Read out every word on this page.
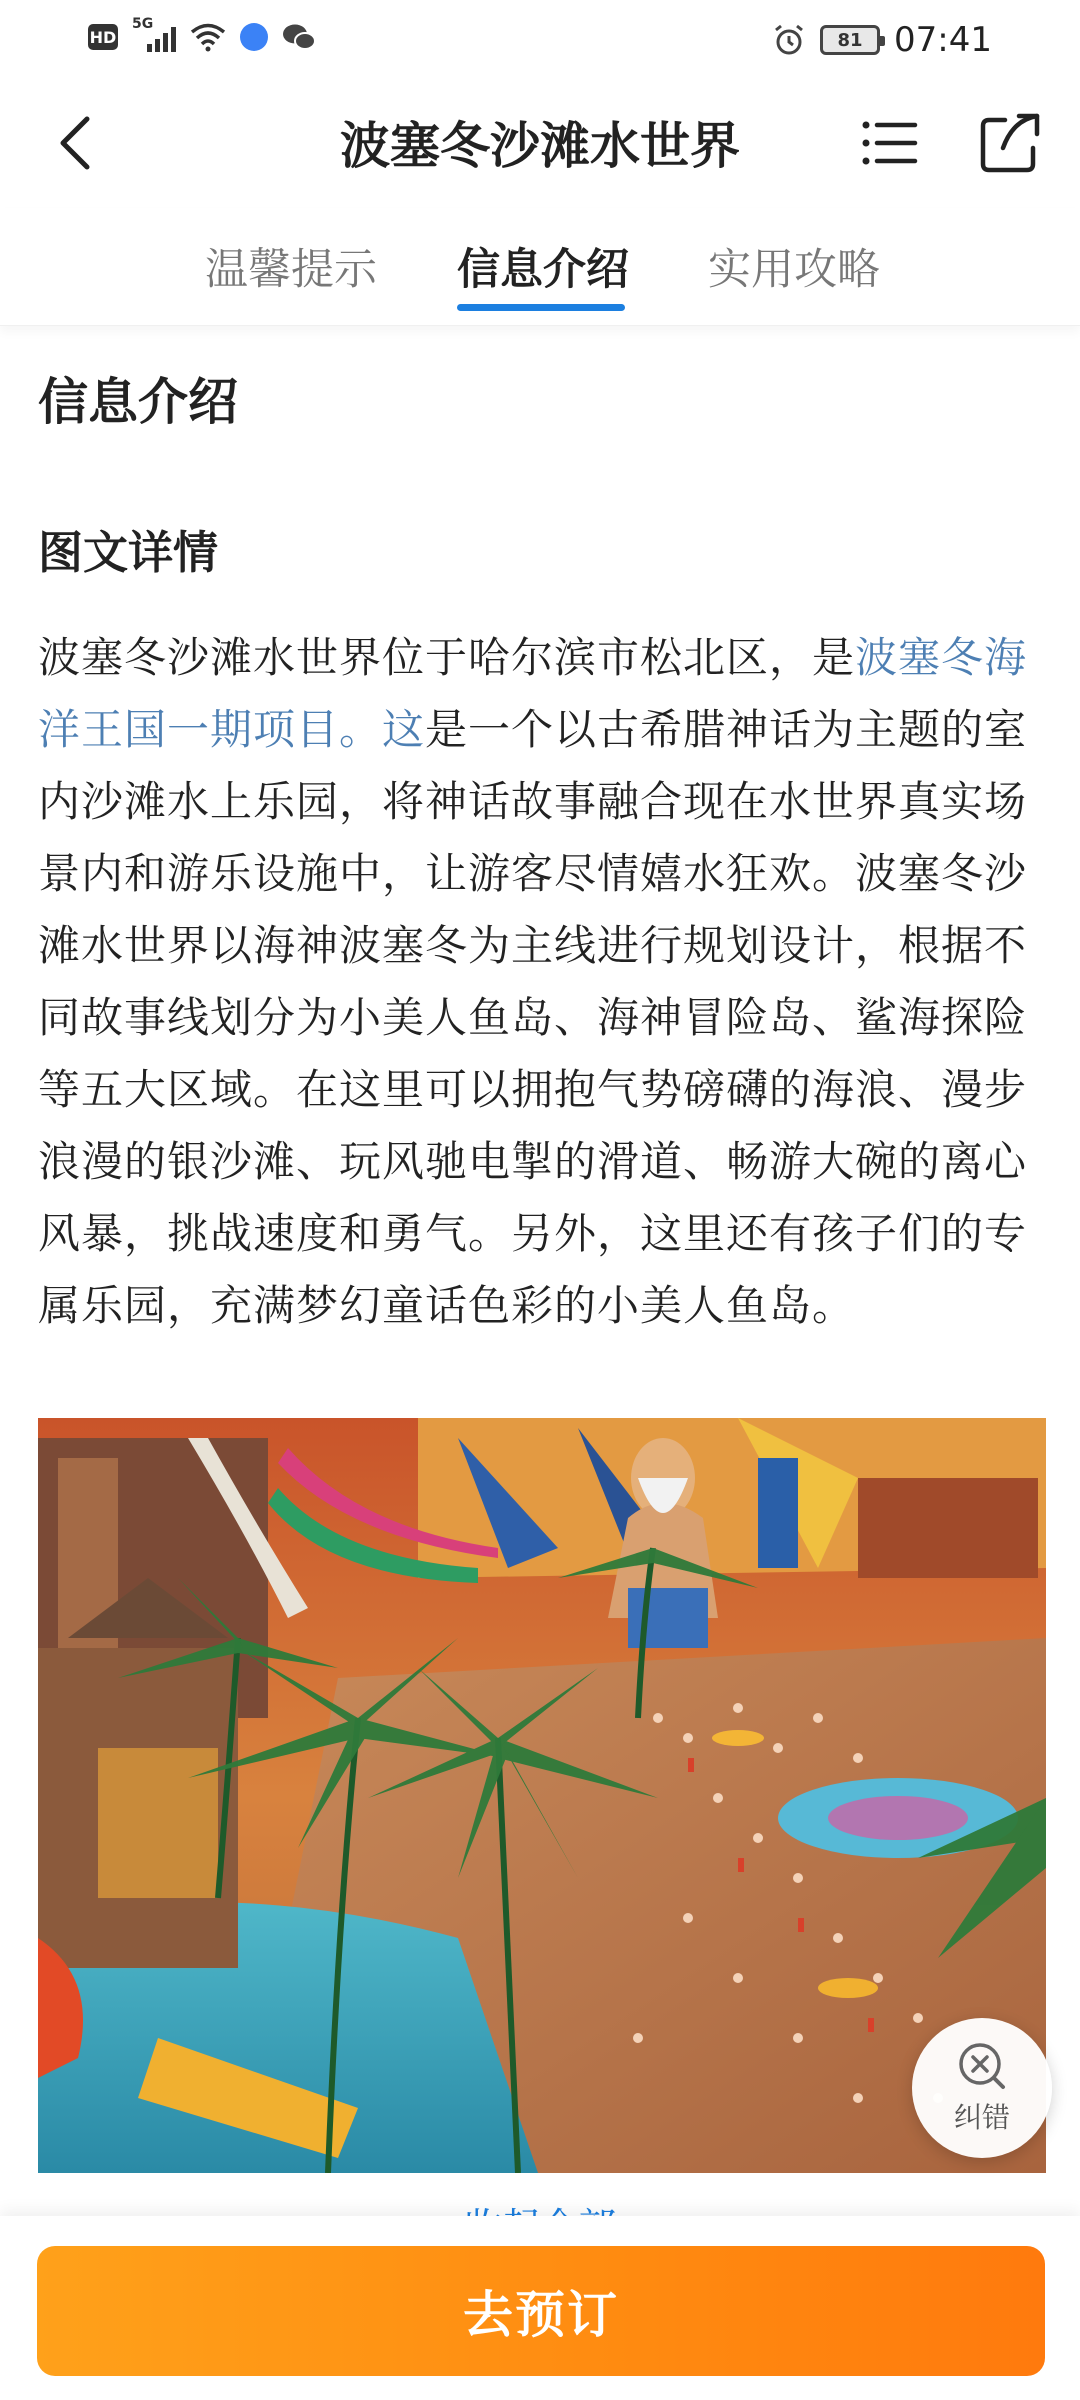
HD
5G
81 07:41
波塞冬沙滩水世界
温馨提示 信息介绍 实用攻略
信息介绍
图文详情

波塞冬沙滩水世界位于哈尔滨市松北区，是波塞冬海洋王国一期项目。这是一个以古希腊神话为主题的室内沙滩水上乐园，将神话故事融合现在水世界真实场景内和游乐设施中，让游客尽情嬉水狂欢。波塞冬沙滩水世界以海神波塞冬为主线进行规划设计，根据不同故事线划分为小美人鱼岛、海神冒险岛、鲨海探险等五大区域。在这里可以拥抱气势磅礴的海浪、漫步浪漫的银沙滩、玩风驰电掣的滑道、畅游大碗的离心风暴，挑战速度和勇气。另外，这里还有孩子们的专属乐园，充满梦幻童话色彩的小美人鱼岛。

纠错
去预订
